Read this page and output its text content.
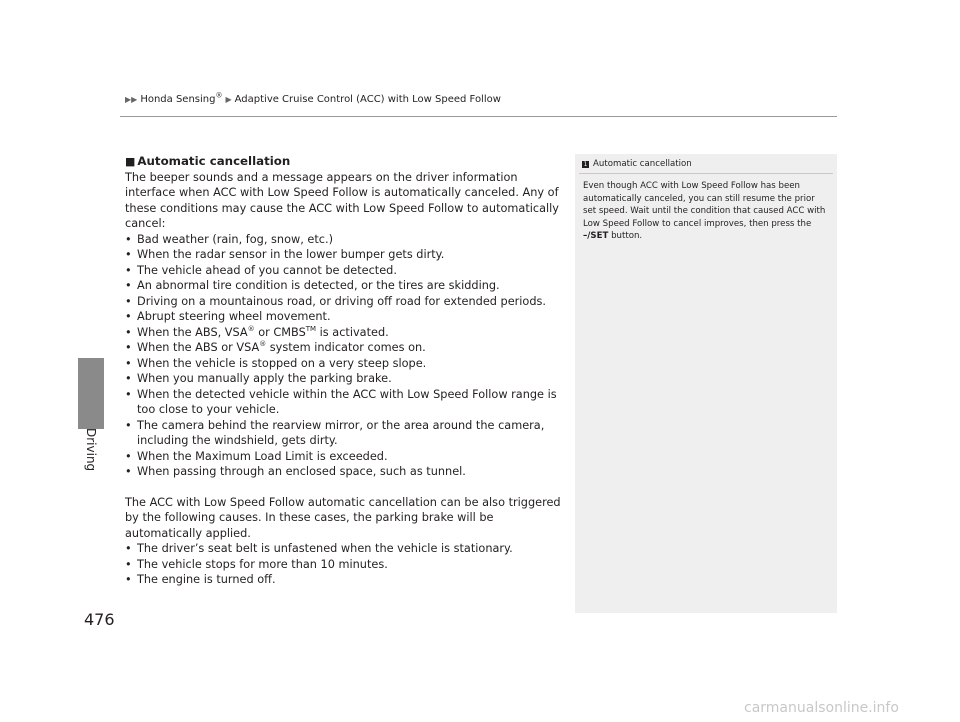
▶▶ Honda Sensing® ▶ Adaptive Cruise Control (ACC) with Low Speed Follow
Driving
476
■ Automatic cancellation

The beeper sounds and a message appears on the driver information interface when ACC with Low Speed Follow is automatically canceled. Any of these conditions may cause the ACC with Low Speed Follow to automatically cancel:

• Bad weather (rain, fog, snow, etc.)
• When the radar sensor in the lower bumper gets dirty.
• The vehicle ahead of you cannot be detected.
• An abnormal tire condition is detected, or the tires are skidding.
• Driving on a mountainous road, or driving off road for extended periods.
• Abrupt steering wheel movement.
• When the ABS, VSA® or CMBS™ is activated.
• When the ABS or VSA® system indicator comes on.
• When the vehicle is stopped on a very steep slope.
• When you manually apply the parking brake.
• When the detected vehicle within the ACC with Low Speed Follow range is too close to your vehicle.
• The camera behind the rearview mirror, or the area around the camera, including the windshield, gets dirty.
• When the Maximum Load Limit is exceeded.
• When passing through an enclosed space, such as tunnel.

The ACC with Low Speed Follow automatic cancellation can be also triggered by the following causes. In these cases, the parking brake will be automatically applied.

• The driver’s seat belt is unfastened when the vehicle is stationary.
• The vehicle stops for more than 10 minutes.
• The engine is turned off.
1 Automatic cancellation
Even though ACC with Low Speed Follow has been automatically canceled, you can still resume the prior set speed. Wait until the condition that caused ACC with Low Speed Follow to cancel improves, then press the –/SET button.
carmanualsonline.info
